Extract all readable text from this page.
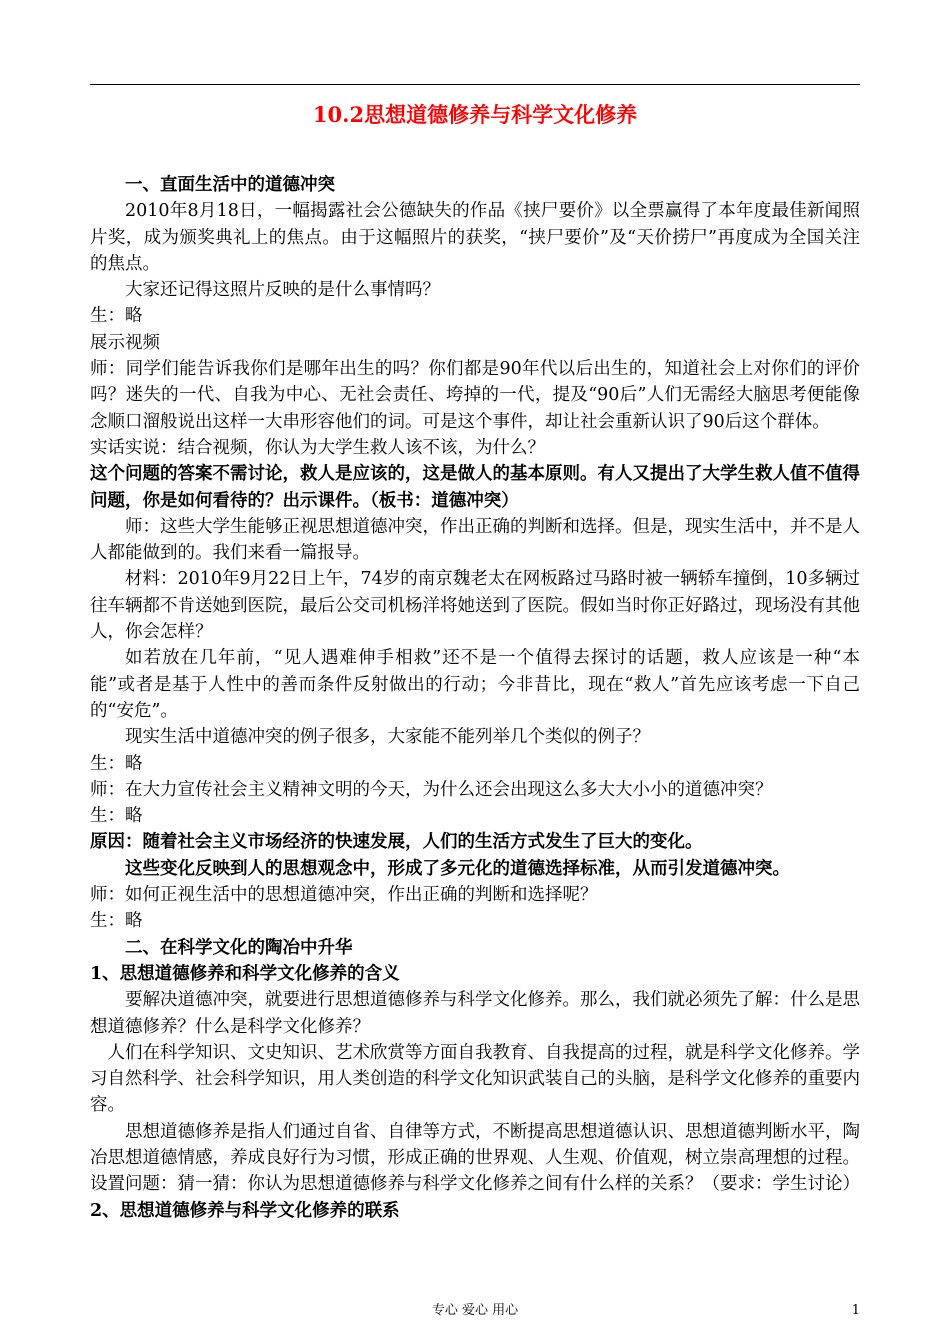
10.2思想道德修养与科学文化修养

一、直面生活中的道德冲突

2010年8月18日，一幅揭露社会公德缺失的作品《挟尸要价》以全票赢得了本年度最佳新闻照片奖，成为颁奖典礼上的焦点。由于这幅照片的获奖，“挟尸要价”及“天价捞尸”再度成为全国关注的焦点。

大家还记得这照片反映的是什么事情吗？

生：略

展示视频

师：同学们能告诉我你们是哪年出生的吗？你们都是90年代以后出生的，知道社会上对你们的评价吗？迷失的一代、自我为中心、无社会责任、垮掉的一代，提及“90后”人们无需经大脑思考便能像念顺口溜般说出这样一大串形容他们的词。可是这个事件，却让社会重新认识了90后这个群体。

实话实说：结合视频，你认为大学生救人该不该，为什么？

这个问题的答案不需讨论，救人是应该的，这是做人的基本原则。有人又提出了大学生救人值不值得问题，你是如何看待的？出示课件。（板书：道德冲突）

师：这些大学生能够正视思想道德冲突，作出正确的判断和选择。但是，现实生活中，并不是人人都能做到的。我们来看一篇报导。

材料：2010年9月22日上午，74岁的南京魏老太在网板路过马路时被一辆轿车撞倒，10多辆过往车辆都不肯送她到医院，最后公交司机杨洋将她送到了医院。假如当时你正好路过，现场没有其他人，你会怎样？

如若放在几年前，“见人遇难伸手相救”还不是一个值得去探讨的话题，救人应该是一种“本能”或者是基于人性中的善而条件反射做出的行动；今非昔比，现在“救人”首先应该考虑一下自己的“安危”。

现实生活中道德冲突的例子很多，大家能不能列举几个类似的例子？

生：略

师：在大力宣传社会主义精神文明的今天，为什么还会出现这么多大大小小的道德冲突？

生：略

原因：随着社会主义市场经济的快速发展，人们的生活方式发生了巨大的变化。

这些变化反映到人的思想观念中，形成了多元化的道德选择标准，从而引发道德冲突。

师：如何正视生活中的思想道德冲突，作出正确的判断和选择呢？

生：略

二、在科学文化的陶冶中升华

1、思想道德修养和科学文化修养的含义

要解决道德冲突，就要进行思想道德修养与科学文化修养。那么，我们就必须先了解：什么是思想道德修养？什么是科学文化修养？

人们在科学知识、文史知识、艺术欣赏等方面自我教育、自我提高的过程，就是科学文化修养。学习自然科学、社会科学知识，用人类创造的科学文化知识武装自己的头脑，是科学文化修养的重要内容。

思想道德修养是指人们通过自省、自律等方式，不断提高思想道德认识、思想道德判断水平，陶冶思想道德情感，养成良好行为习惯，形成正确的世界观、人生观、价值观，树立崇高理想的过程。

设置问题：猜一猜：你认为思想道德修养与科学文化修养之间有什么样的关系？（要求：学生讨论）

2、思想道德修养与科学文化修养的联系

专心 爱心 用心	1
